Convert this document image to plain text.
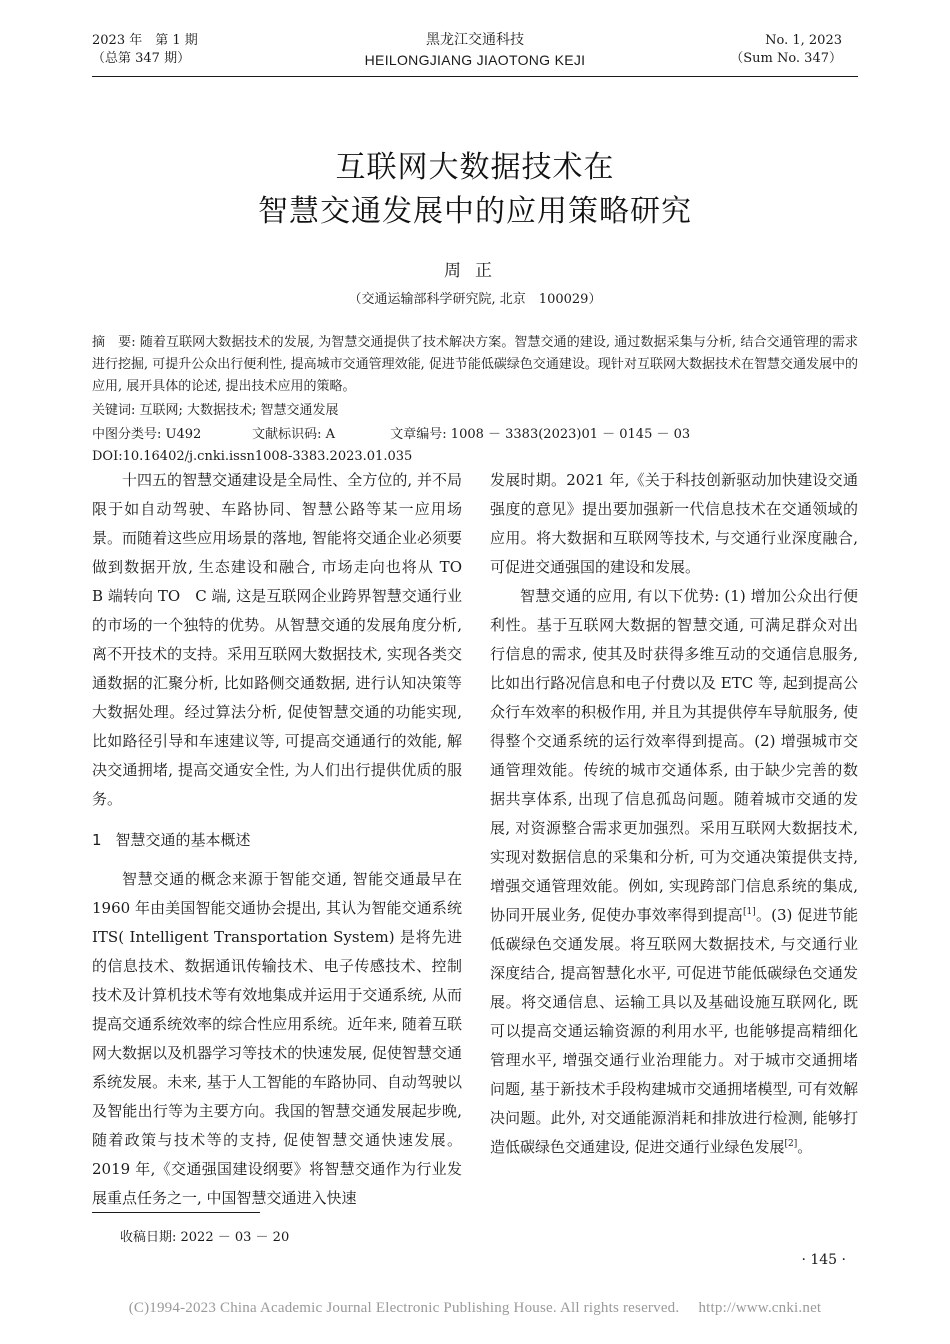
2023 年　第 1 期
（总第 347 期）
黑龙江交通科技
HEILONGJIANG JIAOTONG KEJI
No. 1, 2023
（Sum No. 347）
互联网大数据技术在
智慧交通发展中的应用策略研究
周正
（交通运输部科学研究院, 北京　100029）
摘　要: 随着互联网大数据技术的发展, 为智慧交通提供了技术解决方案。智慧交通的建设, 通过数据采集与分析, 结合交通管理的需求进行挖掘, 可提升公众出行便利性, 提高城市交通管理效能, 促进节能低碳绿色交通建设。现针对互联网大数据技术在智慧交通发展中的应用, 展开具体的论述, 提出技术应用的策略。
关键词: 互联网; 大数据技术; 智慧交通发展
中图分类号: U492	文献标识码: A	文章编号: 1008 － 3383(2023)01 － 0145 － 03
DOI:10.16402/j.cnki.issn1008-3383.2023.01.035

十四五的智慧交通建设是全局性、全方位的, 并不局限于如自动驾驶、车路协同、智慧公路等某一应用场景。而随着这些应用场景的落地, 智能将交通企业必须要做到数据开放, 生态建设和融合, 市场走向也将从 TO　B 端转向 TO　C 端, 这是互联网企业跨界智慧交通行业的市场的一个独特的优势。从智慧交通的发展角度分析, 离不开技术的支持。采用互联网大数据技术, 实现各类交通数据的汇聚分析, 比如路侧交通数据, 进行认知决策等大数据处理。经过算法分析, 促使智慧交通的功能实现, 比如路径引导和车速建议等, 可提高交通通行的效能, 解决交通拥堵, 提高交通安全性, 为人们出行提供优质的服务。

1 智慧交通的基本概述

智慧交通的概念来源于智能交通, 智能交通最早在 1960 年由美国智能交通协会提出, 其认为智能交通系统 ITS( Intelligent Transportation System) 是将先进的信息技术、数据通讯传输技术、电子传感技术、控制技术及计算机技术等有效地集成并运用于交通系统, 从而提高交通系统效率的综合性应用系统。近年来, 随着互联网大数据以及机器学习等技术的快速发展, 促使智慧交通系统发展。未来, 基于人工智能的车路协同、自动驾驶以及智能出行等为主要方向。我国的智慧交通发展起步晚, 随着政策与技术等的支持, 促使智慧交通快速发展。2019 年,《交通强国建设纲要》将智慧交通作为行业发展重点任务之一, 中国智慧交通进入快速

发展时期。2021 年,《关于科技创新驱动加快建设交通强度的意见》提出要加强新一代信息技术在交通领域的应用。将大数据和互联网等技术, 与交通行业深度融合, 可促进交通强国的建设和发展。

智慧交通的应用, 有以下优势: (1) 增加公众出行便利性。基于互联网大数据的智慧交通, 可满足群众对出行信息的需求, 使其及时获得多维互动的交通信息服务, 比如出行路况信息和电子付费以及 ETC 等, 起到提高公众行车效率的积极作用, 并且为其提供停车导航服务, 使得整个交通系统的运行效率得到提高。(2) 增强城市交通管理效能。传统的城市交通体系, 由于缺少完善的数据共享体系, 出现了信息孤岛问题。随着城市交通的发展, 对资源整合需求更加强烈。采用互联网大数据技术, 实现对数据信息的采集和分析, 可为交通决策提供支持, 增强交通管理效能。例如, 实现跨部门信息系统的集成, 协同开展业务, 促使办事效率得到提高[1]。(3) 促进节能低碳绿色交通发展。将互联网大数据技术, 与交通行业深度结合, 提高智慧化水平, 可促进节能低碳绿色交通发展。将交通信息、运输工具以及基础设施互联网化, 既可以提高交通运输资源的利用水平, 也能够提高精细化管理水平, 增强交通行业治理能力。对于城市交通拥堵问题, 基于新技术手段构建城市交通拥堵模型, 可有效解决问题。此外, 对交通能源消耗和排放进行检测, 能够打造低碳绿色交通建设, 促进交通行业绿色发展[2]。

收稿日期: 2022 － 03 － 20
· 145 ·
(C)1994-2023 China Academic Journal Electronic Publishing House. All rights reserved.　 http://www.cnki.net
